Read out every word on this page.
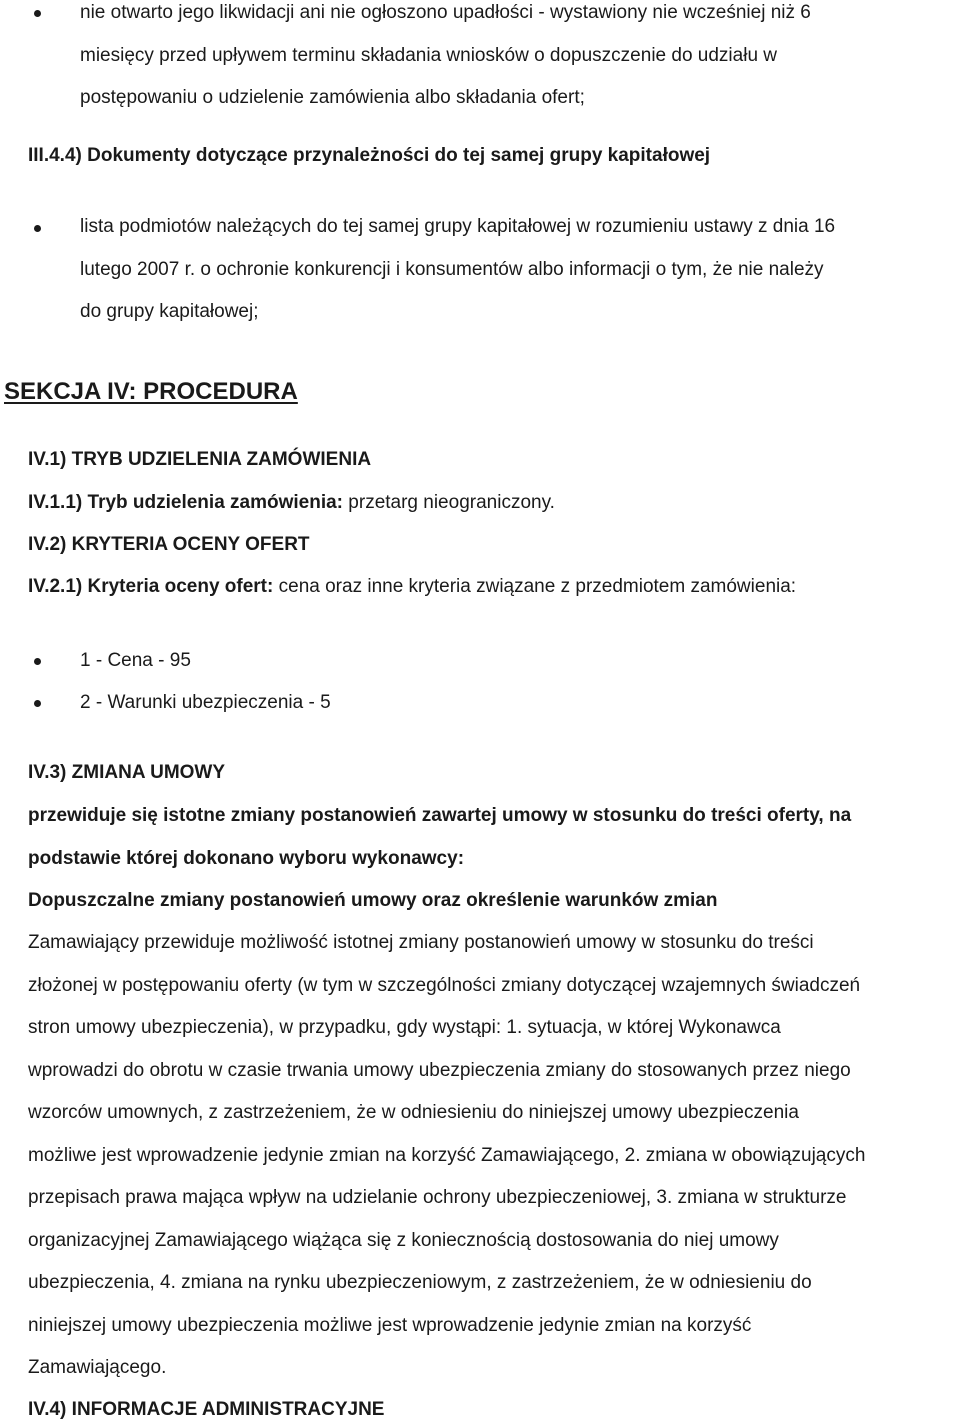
nie otwarto jego likwidacji ani nie ogłoszono upadłości - wystawiony nie wcześniej niż 6
miesięcy przed upływem terminu składania wniosków o dopuszczenie do udziału w
postępowaniu o udzielenie zamówienia albo składania ofert;
III.4.4) Dokumenty dotyczące przynależności do tej samej grupy kapitałowej
lista podmiotów należących do tej samej grupy kapitałowej w rozumieniu ustawy z dnia 16
lutego 2007 r. o ochronie konkurencji i konsumentów albo informacji o tym, że nie należy
do grupy kapitałowej;
SEKCJA IV: PROCEDURA
IV.1) TRYB UDZIELENIA ZAMÓWIENIA
IV.1.1) Tryb udzielenia zamówienia: przetarg nieograniczony.
IV.2) KRYTERIA OCENY OFERT
IV.2.1) Kryteria oceny ofert: cena oraz inne kryteria związane z przedmiotem zamówienia:
1 - Cena - 95
2 - Warunki ubezpieczenia - 5
IV.3) ZMIANA UMOWY
przewiduje się istotne zmiany postanowień zawartej umowy w stosunku do treści oferty, na
podstawie której dokonano wyboru wykonawcy:
Dopuszczalne zmiany postanowień umowy oraz określenie warunków zmian
Zamawiający przewiduje możliwość istotnej zmiany postanowień umowy w stosunku do treści
złożonej w postępowaniu oferty (w tym w szczególności zmiany dotyczącej wzajemnych świadczeń
stron umowy ubezpieczenia), w przypadku, gdy wystąpi: 1. sytuacja, w której Wykonawca
wprowadzi do obrotu w czasie trwania umowy ubezpieczenia zmiany do stosowanych przez niego
wzorców umownych, z zastrzeżeniem, że w odniesieniu do niniejszej umowy ubezpieczenia
możliwe jest wprowadzenie jedynie zmian na korzyść Zamawiającego, 2. zmiana w obowiązujących
przepisach prawa mająca wpływ na udzielanie ochrony ubezpieczeniowej, 3. zmiana w strukturze
organizacyjnej Zamawiającego wiążąca się z koniecznością dostosowania do niej umowy
ubezpieczenia, 4. zmiana na rynku ubezpieczeniowym, z zastrzeżeniem, że w odniesieniu do
niniejszej umowy ubezpieczenia możliwe jest wprowadzenie jedynie zmian na korzyść
Zamawiającego.
IV.4) INFORMACJE ADMINISTRACYJNE
